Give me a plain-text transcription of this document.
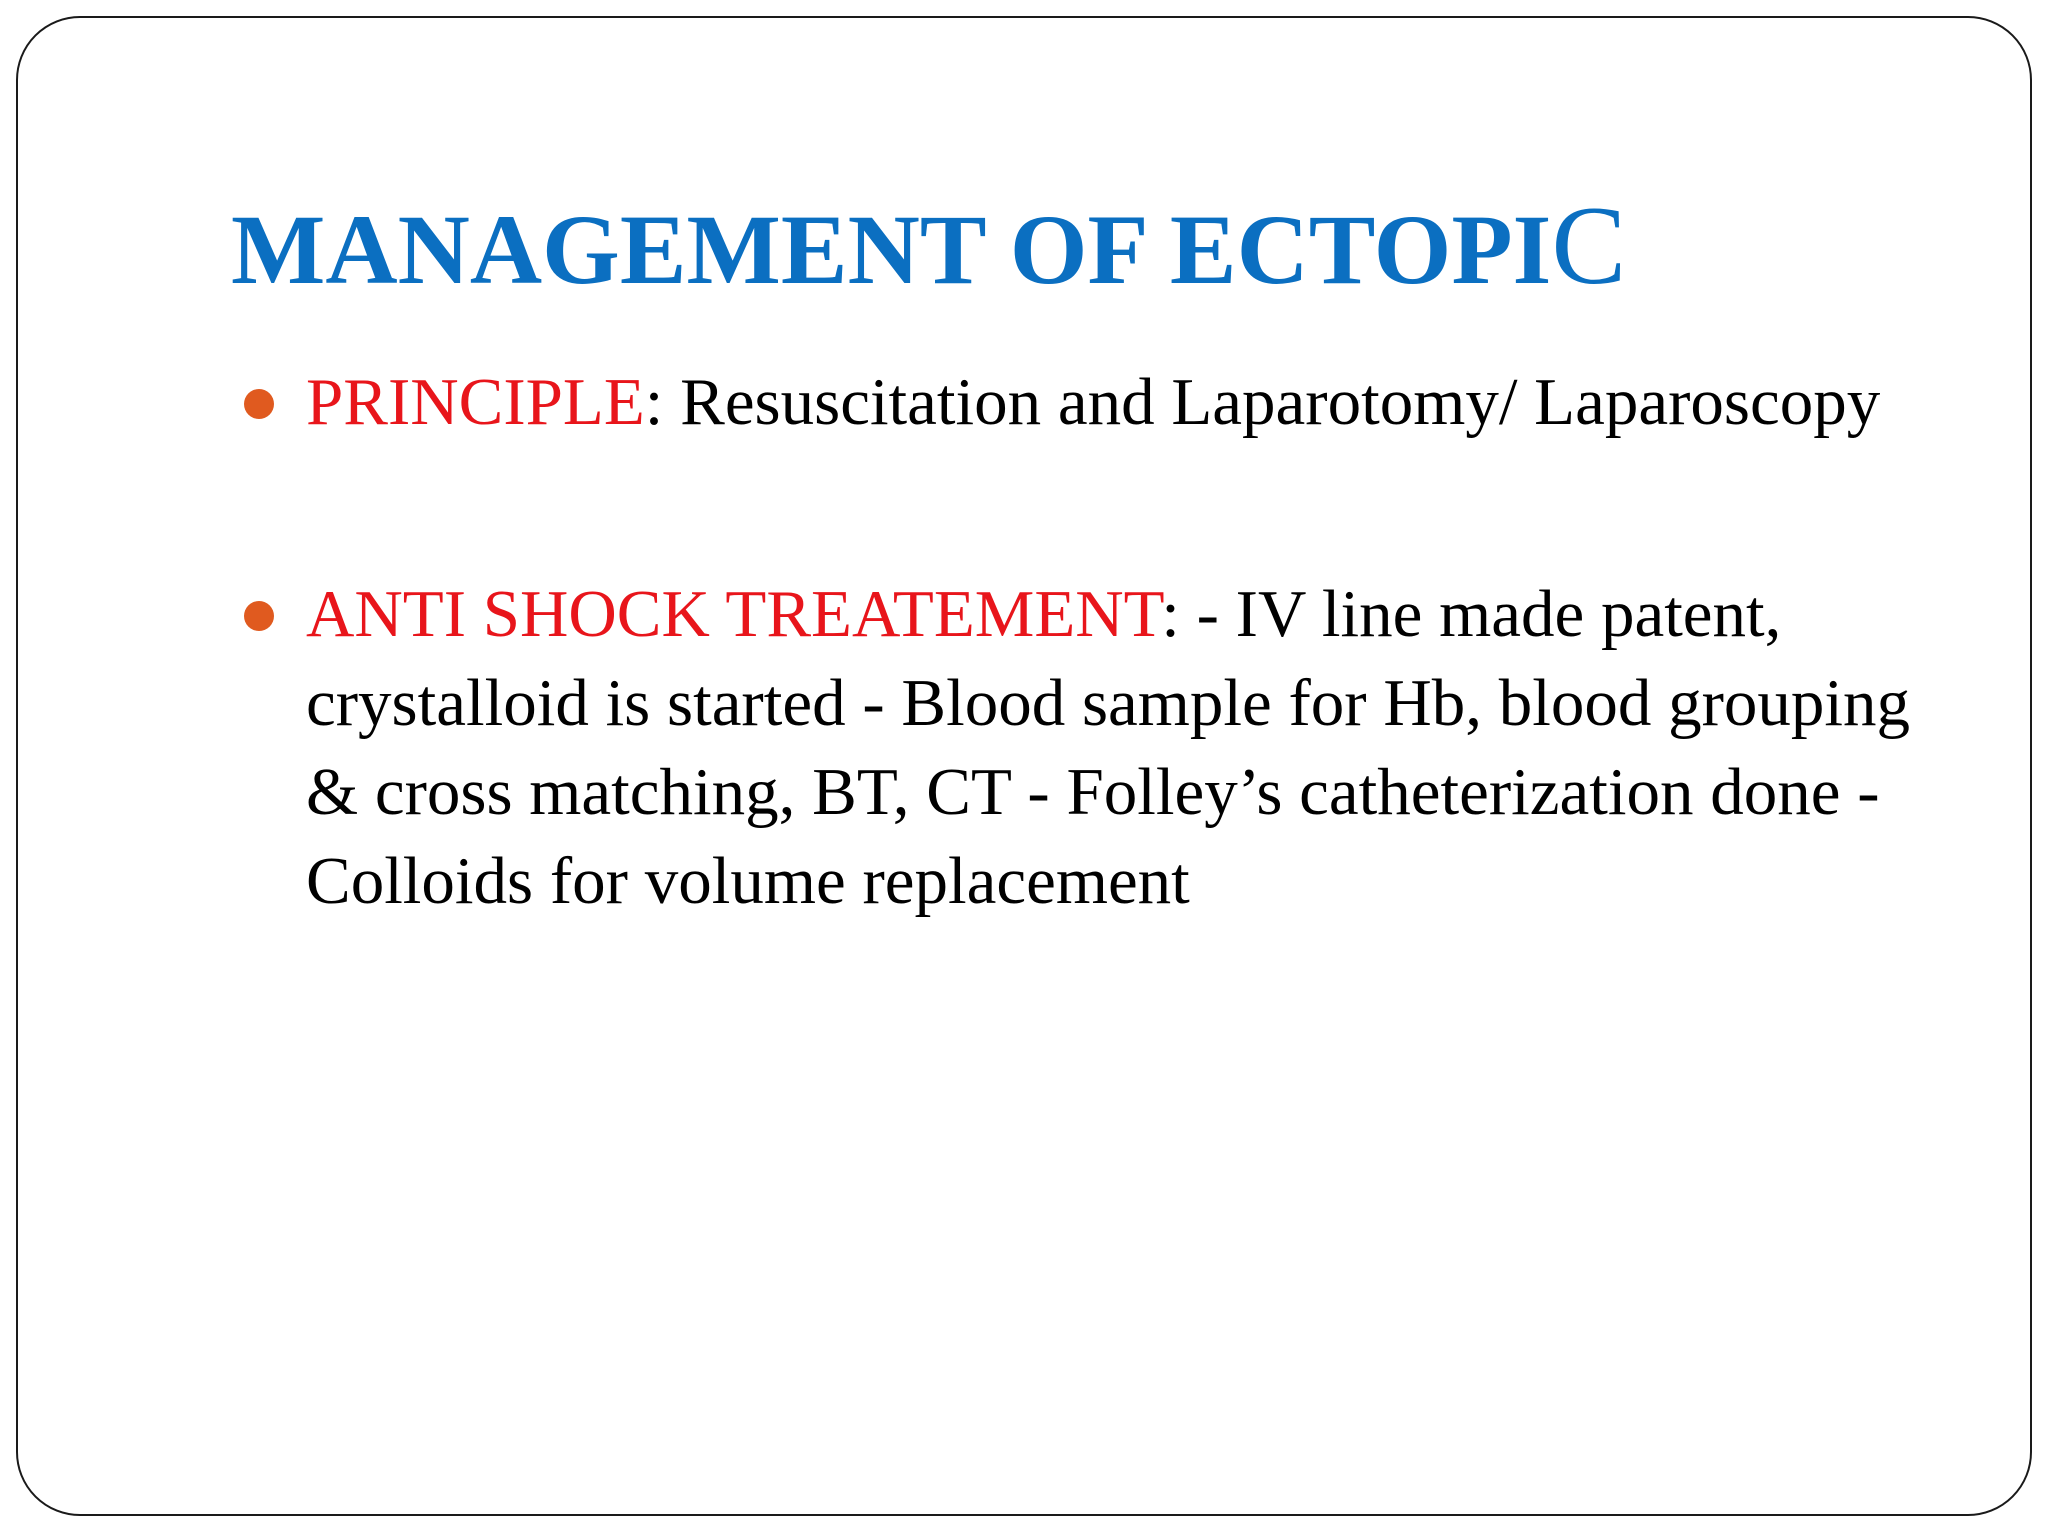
MANAGEMENT OF ECTOPIC
PRINCIPLE: Resuscitation and Laparotomy/ Laparoscopy
ANTI SHOCK TREATEMENT: - IV line made patent, crystalloid is started - Blood sample for Hb, blood grouping & cross matching, BT, CT - Folley’s catheterization done - Colloids for volume replacement
